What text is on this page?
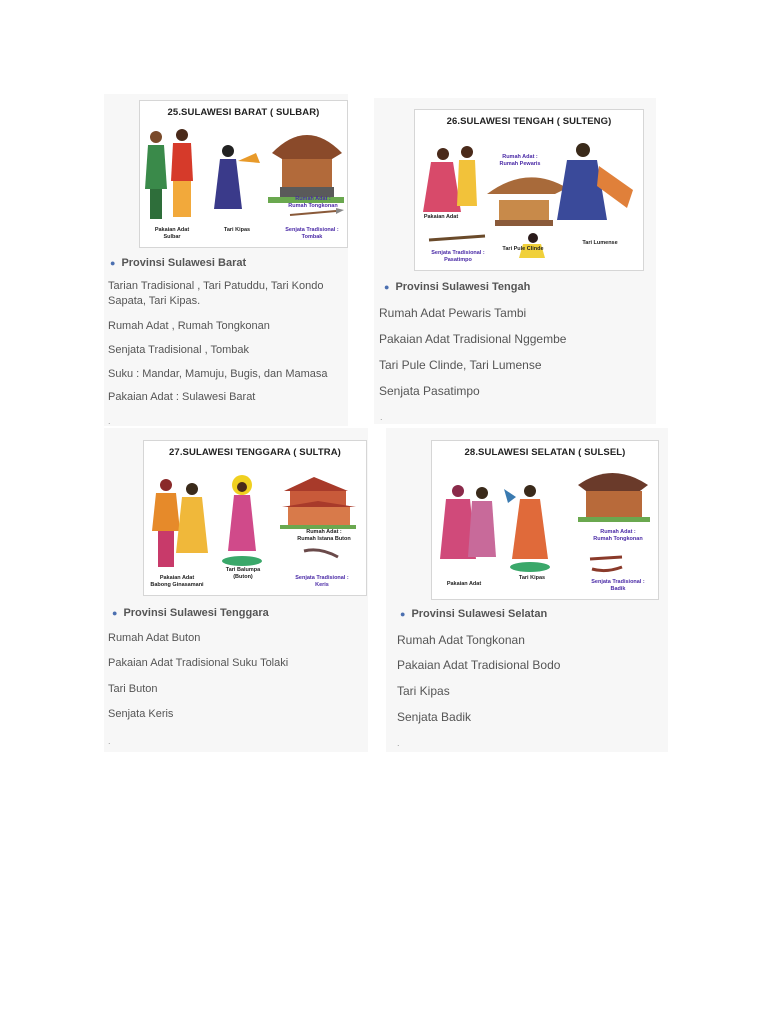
25.SULAWESI BARAT ( SULBAR)
Pakaian Adat
Sulbar
Tari Kipas
Rumah Adat :
Rumah Tongkonan
Senjata Tradisional :
Tombak
● Provinsi Sulawesi Barat
Tarian Tradisional , Tari Patuddu, Tari Kondo Sapata, Tari Kipas.
Rumah Adat , Rumah Tongkonan
Senjata Tradisional , Tombak
Suku : Mandar, Mamuju, Bugis, dan Mamasa
Pakaian Adat : Sulawesi Barat
.
26.SULAWESI TENGAH ( SULTENG)
Rumah Adat :
Rumah Pewaris
Pakaian Adat
Senjata Tradisional :
Pasatimpo
Tari Pule Clinde
Tari Lumense
● Provinsi Sulawesi Tengah
Rumah Adat Pewaris Tambi
Pakaian Adat Tradisional Nggembe
Tari Pule Clinde, Tari Lumense
Senjata Pasatimpo
.
27.SULAWESI TENGGARA ( SULTRA)
Pakaian Adat
Babong Ginasamani
Tari Balumpa
(Buton)
Rumah Adat :
Rumah Istana Buton
Senjata Tradisional :
Keris
● Provinsi Sulawesi Tenggara
Rumah Adat Buton
Pakaian Adat Tradisional Suku Tolaki
Tari Buton
Senjata Keris
.
28.SULAWESI SELATAN ( SULSEL)
Pakaian Adat
Tari Kipas
Rumah Adat :
Rumah Tongkonan
Senjata Tradisional :
Badik
● Provinsi Sulawesi Selatan
Rumah Adat Tongkonan
Pakaian Adat Tradisional Bodo
Tari Kipas
Senjata Badik
.
